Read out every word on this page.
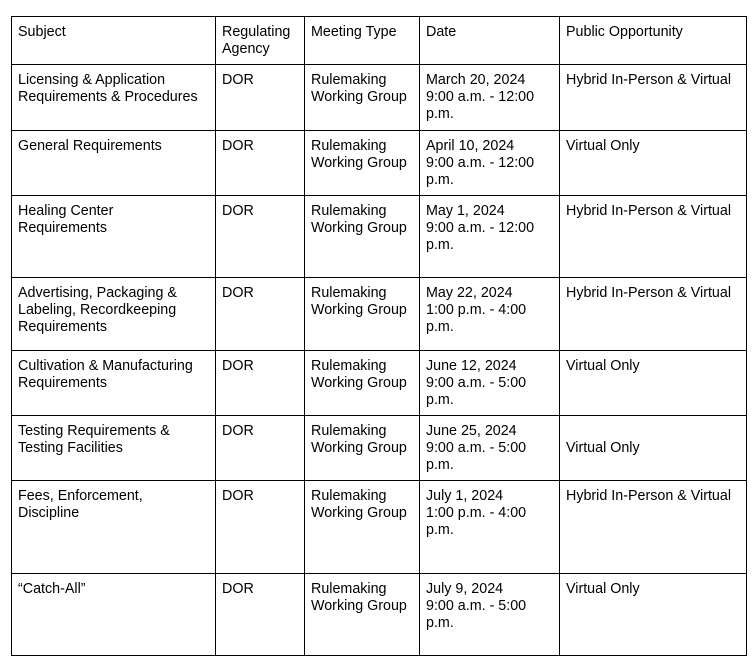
Subject	Regulating
Agency	Meeting Type	Date	Public Opportunity

Licensing & Application
Requirements & Procedures	DOR	Rulemaking
Working Group	March 20, 2024
9:00 a.m. - 12:00
p.m.	Hybrid In-Person & Virtual

General Requirements	DOR	Rulemaking
Working Group	April 10, 2024
9:00 a.m. - 12:00
p.m.	Virtual Only

Healing Center
Requirements	DOR	Rulemaking
Working Group	May 1, 2024
9:00 a.m. - 12:00
p.m.	Hybrid In-Person & Virtual

Advertising, Packaging &
Labeling, Recordkeeping
Requirements	DOR	Rulemaking
Working Group	May 22, 2024
1:00 p.m. - 4:00
p.m.	Hybrid In-Person & Virtual

Cultivation & Manufacturing
Requirements	DOR	Rulemaking
Working Group	June 12, 2024
9:00 a.m. - 5:00
p.m.	Virtual Only

Testing Requirements &
Testing Facilities	DOR	Rulemaking
Working Group	June 25, 2024
9:00 a.m. - 5:00
p.m.	Virtual Only

Fees, Enforcement,
Discipline	DOR	Rulemaking
Working Group	July 1, 2024
1:00 p.m. - 4:00
p.m.	Hybrid In-Person & Virtual

“Catch-All”	DOR	Rulemaking
Working Group	July 9, 2024
9:00 a.m. - 5:00
p.m.	Virtual Only
